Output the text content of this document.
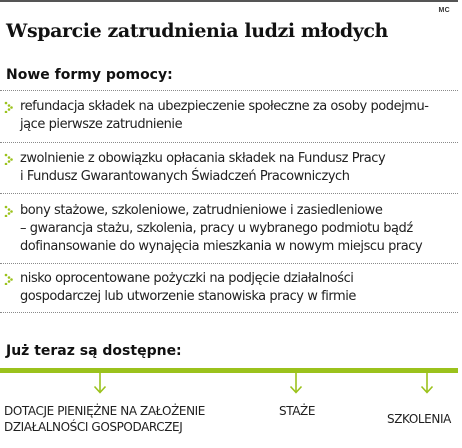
MC
Wsparcie zatrudnienia ludzi młodych
Nowe formy pomocy:

refundacja składek na ubezpieczenie społeczne za osoby podejmu-
jące pierwsze zatrudnienie

zwolnienie z obowiązku opłacania składek na Fundusz Pracy
i Fundusz Gwarantowanych Świadczeń Pracowniczych

bony stażowe, szkoleniowe, zatrudnieniowe i zasiedleniowe
– gwarancja stażu, szkolenia, pracy u wybranego podmiotu bądź
dofinansowanie do wynajęcia mieszkania w nowym miejscu pracy

nisko oprocentowane pożyczki na podjęcie działalności
gospodarczej lub utworzenie stanowiska pracy w firmie

Już teraz są dostępne:

DOTACJE PIENIĘŻNE NA ZAŁOŻENIE
DZIAŁALNOŚCI GOSPODARCZEJ

STAŻE

SZKOLENIA
